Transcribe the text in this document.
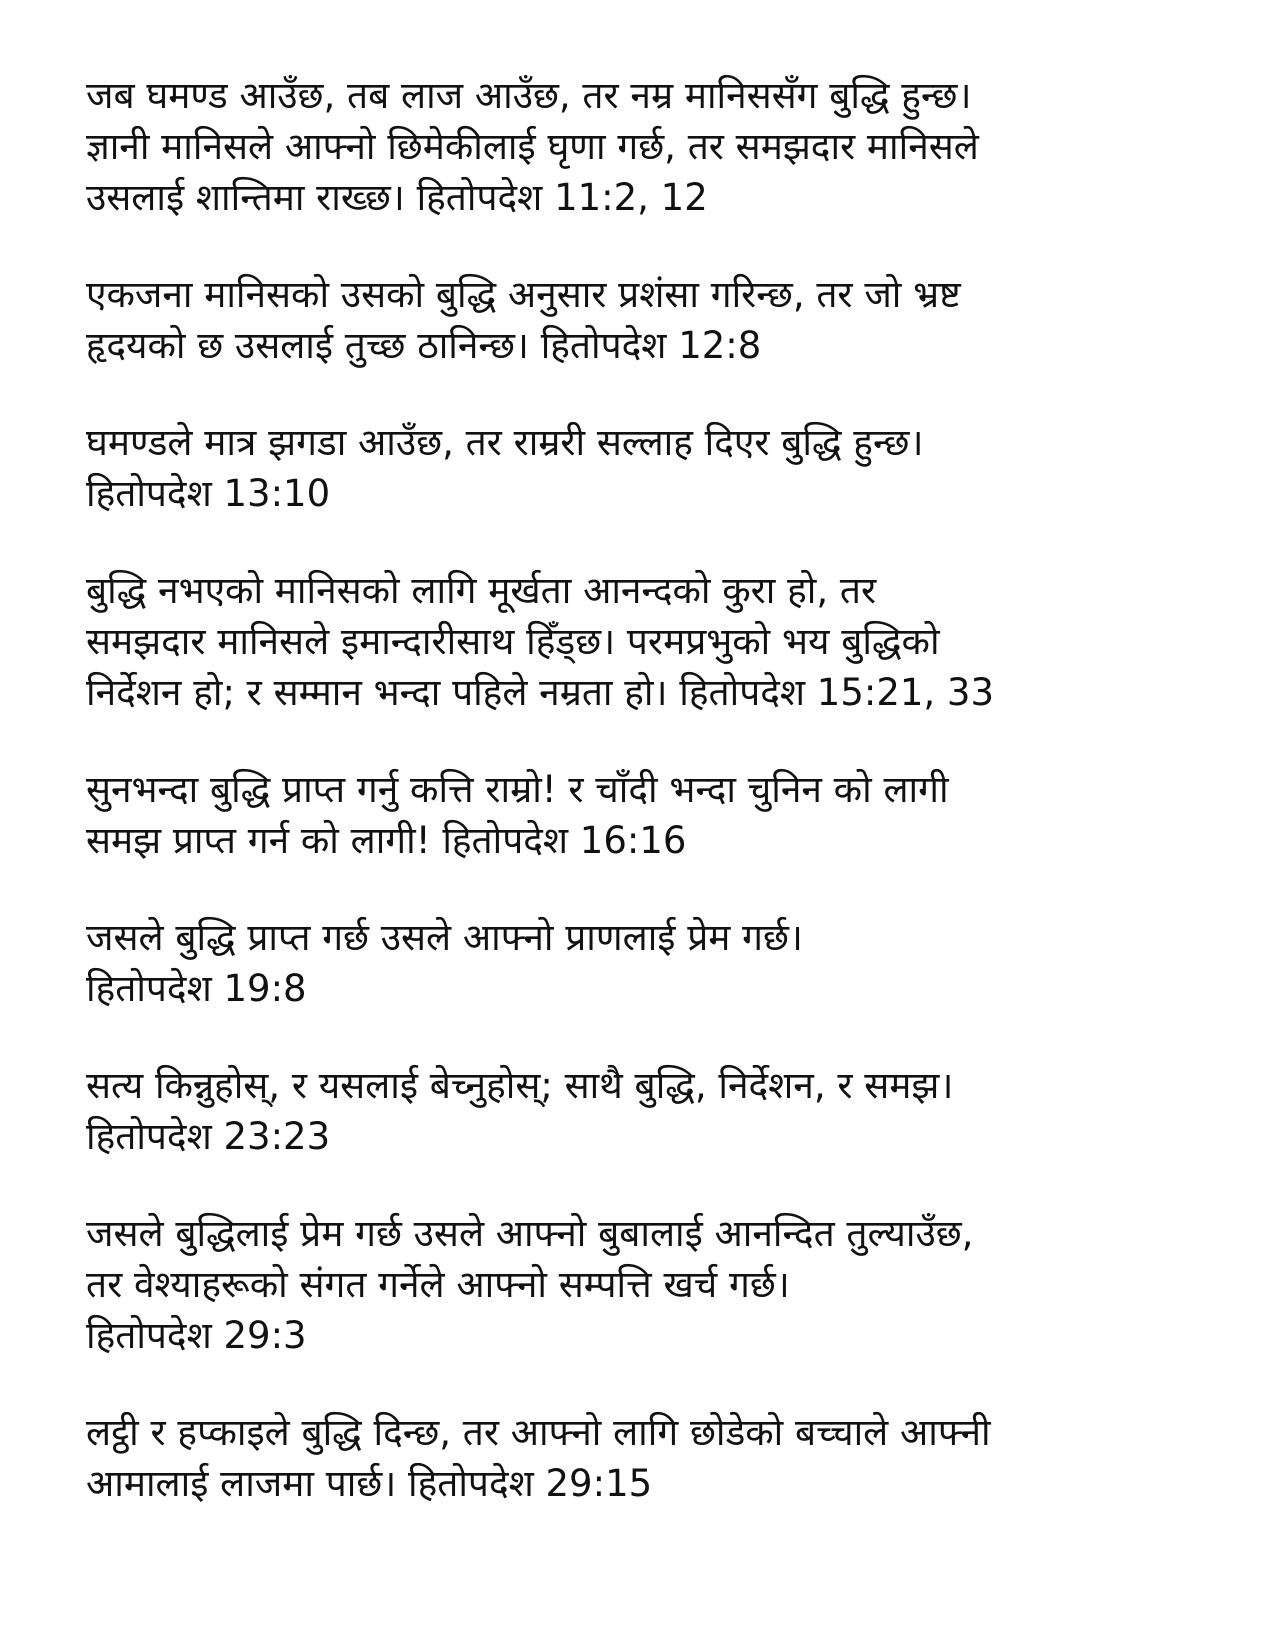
जब घमण्ड आउँछ, तब लाज आउँछ, तर नम्र मानिससँग बुद्धि हुन्छ।
ज्ञानी मानिसले आफ्नो छिमेकीलाई घृणा गर्छ, तर समझदार मानिसले
उसलाई शान्तिमा राख्छ। हितोपदेश 11:2, 12
एकजना मानिसको उसको बुद्धि अनुसार प्रशंसा गरिन्छ, तर जो भ्रष्ट
हृदयको छ उसलाई तुच्छ ठानिन्छ। हितोपदेश 12:8
घमण्डले मात्र झगडा आउँछ, तर राम्ररी सल्लाह दिएर बुद्धि हुन्छ।
हितोपदेश 13:10
बुद्धि नभएको मानिसको लागि मूर्खता आनन्दको कुरा हो, तर
समझदार मानिसले इमान्दारीसाथ हिँड्छ। परमप्रभुको भय बुद्धिको
निर्देशन हो; र सम्मान भन्दा पहिले नम्रता हो। हितोपदेश 15:21, 33
सुनभन्दा बुद्धि प्राप्त गर्नु कत्ति राम्रो! र चाँदी भन्दा चुनिन को लागी
समझ प्राप्त गर्न को लागी! हितोपदेश 16:16
जसले बुद्धि प्राप्त गर्छ उसले आफ्नो प्राणलाई प्रेम गर्छ।
हितोपदेश 19:8
सत्य किन्नुहोस्, र यसलाई बेच्नुहोस्; साथै बुद्धि, निर्देशन, र समझ।
हितोपदेश 23:23
जसले बुद्धिलाई प्रेम गर्छ उसले आफ्नो बुबालाई आनन्दित तुल्याउँछ,
तर वेश्याहरूको संगत गर्नेले आफ्नो सम्पत्ति खर्च गर्छ।
हितोपदेश 29:3
लट्ठी र हप्काइले बुद्धि दिन्छ, तर आफ्नो लागि छोडेको बच्चाले आफ्नी
आमालाई लाजमा पार्छ। हितोपदेश 29:15
